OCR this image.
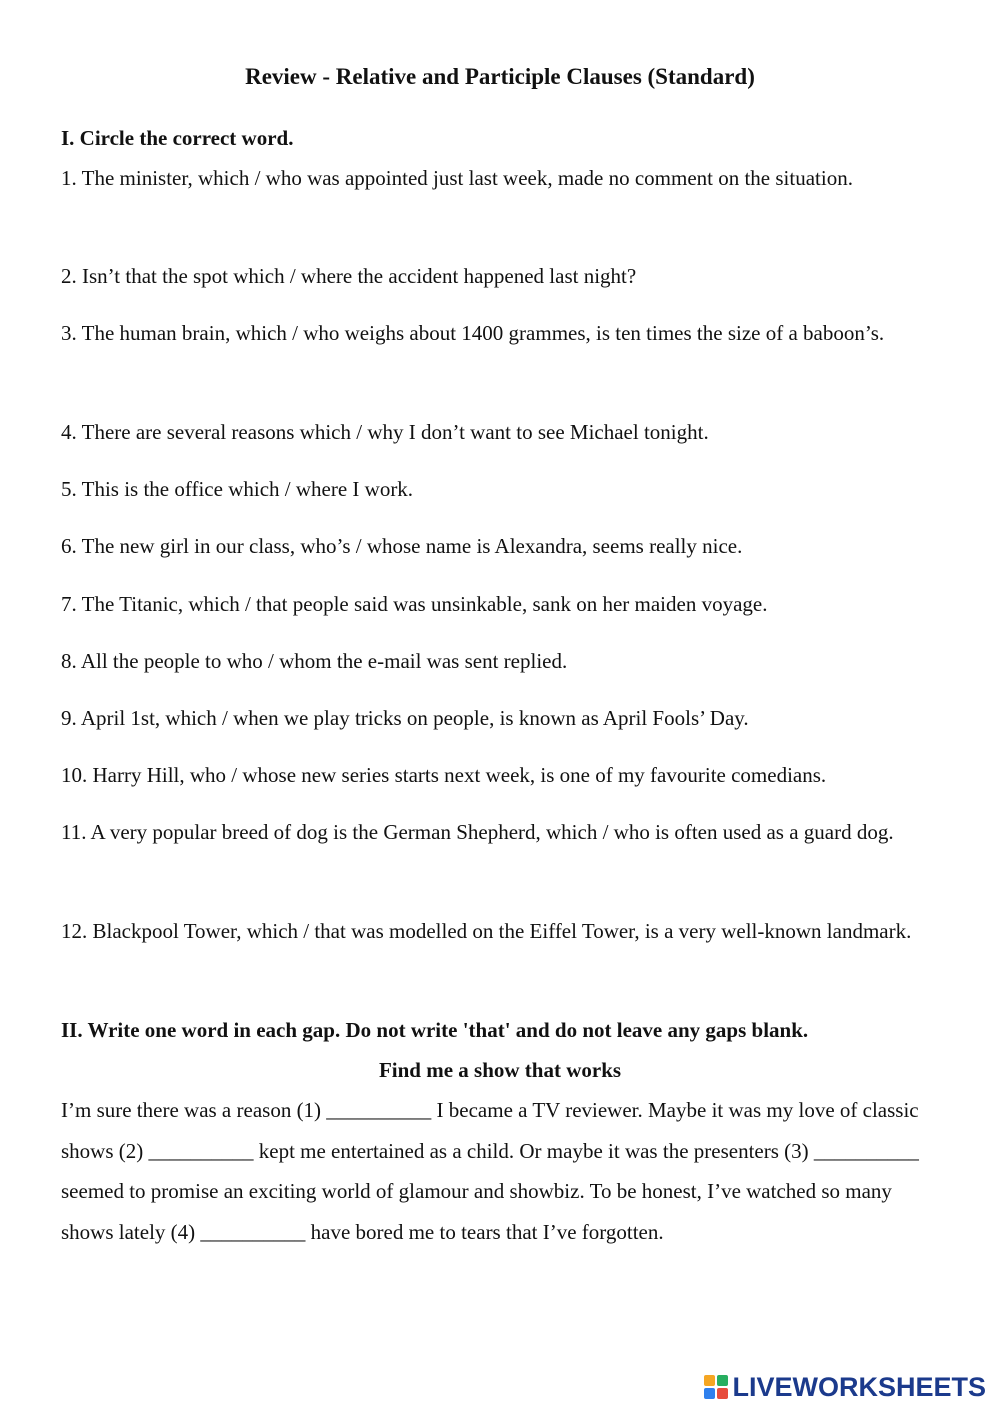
Review - Relative and Participle Clauses (Standard)
I. Circle the correct word.
1. The minister, which / who was appointed just last week, made no comment on the situation.
2. Isn’t that the spot which / where the accident happened last night?
3. The human brain, which / who weighs about 1400 grammes, is ten times the size of a baboon’s.
4. There are several reasons which / why I don’t want to see Michael tonight.
5. This is the office which / where I work.
6. The new girl in our class, who’s / whose name is Alexandra, seems really nice.
7. The Titanic, which / that people said was unsinkable, sank on her maiden voyage.
8. All the people to who / whom the e-mail was sent replied.
9. April 1st, which / when we play tricks on people, is known as April Fools’ Day.
10. Harry Hill, who / whose new series starts next week, is one of my favourite comedians.
11. A very popular breed of dog is the German Shepherd, which / who is often used as a guard dog.
12. Blackpool Tower, which / that was modelled on the Eiffel Tower, is a very well-known landmark.
II. Write one word in each gap. Do not write 'that' and do not leave any gaps blank.
Find me a show that works
I’m sure there was a reason (1) __________ I became a TV reviewer. Maybe it was my love of classic shows (2) __________ kept me entertained as a child. Or maybe it was the presenters (3) __________ seemed to promise an exciting world of glamour and showbiz. To be honest, I’ve watched so many shows lately (4) __________ have bored me to tears that I’ve forgotten.
LIVEWORKSHEETS
